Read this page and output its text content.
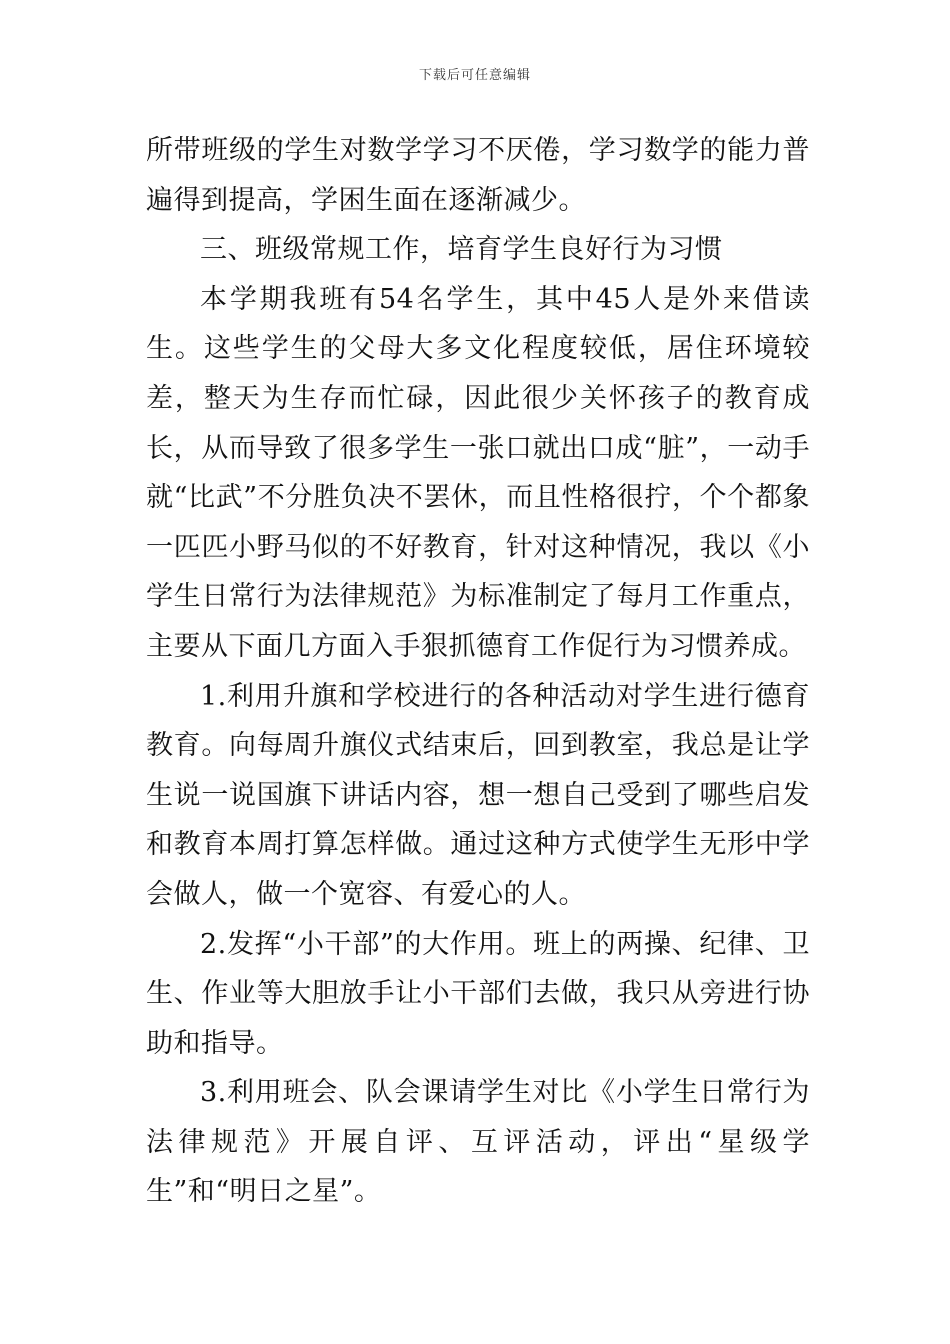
下载后可任意编辑

所带班级的学生对数学学习不厌倦，学习数学的能力普遍得到提高，学困生面在逐渐减少。

三、班级常规工作，培育学生良好行为习惯

本学期我班有54名学生，其中45人是外来借读生。这些学生的父母大多文化程度较低，居住环境较差，整天为生存而忙碌，因此很少关怀孩子的教育成长，从而导致了很多学生一张口就出口成“脏”，一动手就“比武”不分胜负决不罢休，而且性格很拧，个个都象一匹匹小野马似的不好教育，针对这种情况，我以《小学生日常行为法律规范》为标准制定了每月工作重点，主要从下面几方面入手狠抓德育工作促行为习惯养成。

1.利用升旗和学校进行的各种活动对学生进行德育教育。向每周升旗仪式结束后，回到教室，我总是让学生说一说国旗下讲话内容，想一想自己受到了哪些启发和教育本周打算怎样做。通过这种方式使学生无形中学会做人，做一个宽容、有爱心的人。

2.发挥“小干部”的大作用。班上的两操、纪律、卫生、作业等大胆放手让小干部们去做，我只从旁进行协助和指导。

3.利用班会、队会课请学生对比《小学生日常行为法律规范》开展自评、互评活动，评出“星级学生”和“明日之星”。
